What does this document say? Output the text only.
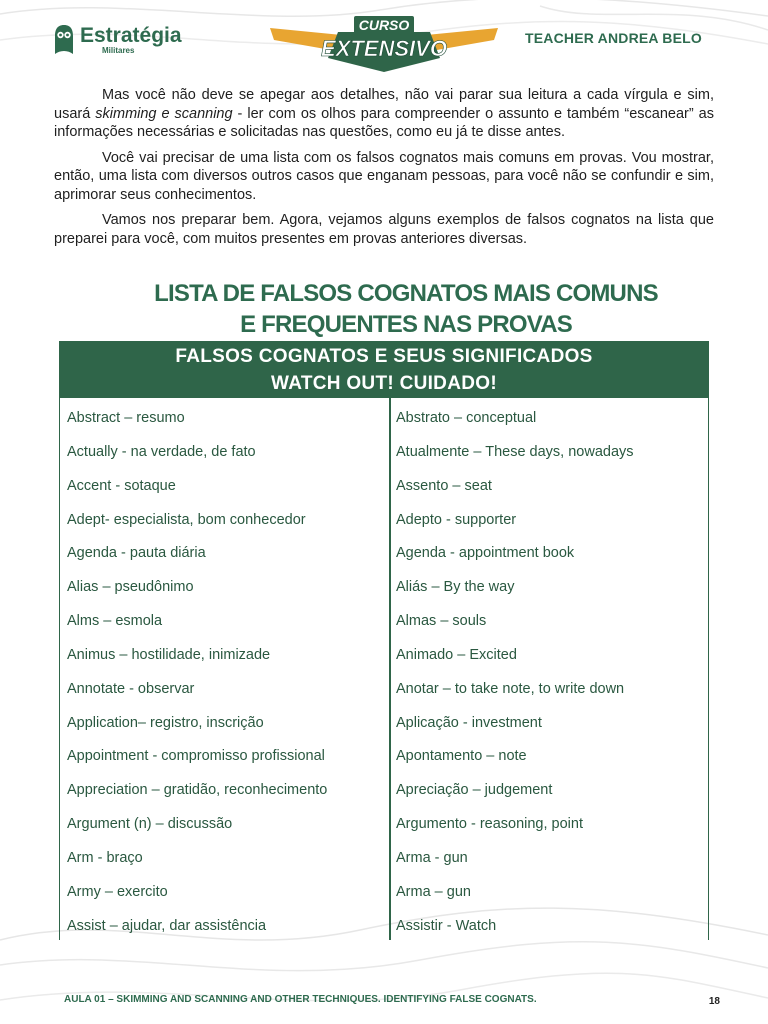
Estratégia
Militares
CURSO
EXTENSIVO	TEACHER ANDREA BELO

Mas você não deve se apegar aos detalhes, não vai parar sua leitura a cada vírgula e sim, usará skimming e scanning - ler com os olhos para compreender o assunto e também “escanear” as informações necessárias e solicitadas nas questões, como eu já te disse antes.

Você vai precisar de uma lista com os falsos cognatos mais comuns em provas. Vou mostrar, então, uma lista com diversos outros casos que enganam pessoas, para você não se confundir e sim, aprimorar seus conhecimentos.

Vamos nos preparar bem. Agora, vejamos alguns exemplos de falsos cognatos na lista que preparei para você, com muitos presentes em provas anteriores diversas.

LISTA DE FALSOS COGNATOS MAIS COMUNS
E FREQUENTES NAS PROVAS
FALSOS COGNATOS E SEUS SIGNIFICADOS
WATCH OUT! CUIDADO!
Abstract – resumo
Actually - na verdade, de fato
Accent - sotaque
Adept- especialista, bom conhecedor
Agenda - pauta diária
Alias – pseudônimo
Alms – esmola
Animus – hostilidade, inimizade
Annotate - observar
Application– registro, inscrição
Appointment - compromisso profissional
Appreciation – gratidão, reconhecimento
Argument (n) – discussão
Arm - braço
Army – exercito
Assist – ajudar, dar assistência
Abstrato – conceptual
Atualmente – These days, nowadays
Assento – seat
Adepto - supporter
Agenda - appointment book
Aliás – By the way
Almas – souls
Animado – Excited
Anotar – to take note, to write down
Aplicação - investment
Apontamento – note
Apreciação – judgement
Argumento - reasoning, point
Arma - gun
Arma – gun
Assistir - Watch
AULA 01 – SKIMMING AND SCANNING AND OTHER TECHNIQUES. IDENTIFYING FALSE COGNATS.	18
